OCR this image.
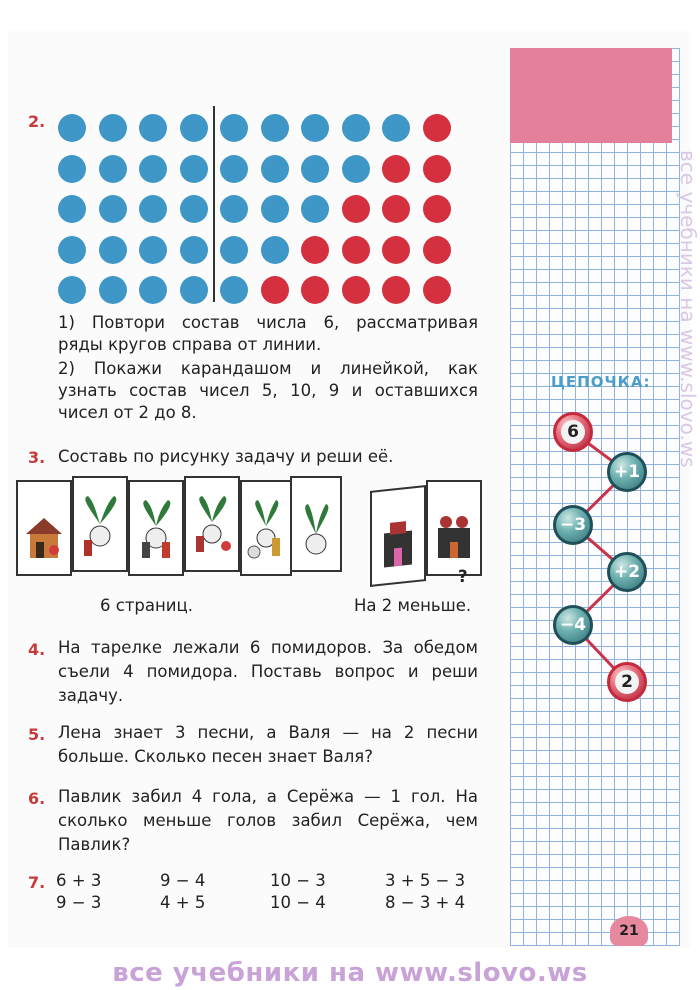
все учебники на www.slovo.ws
2.
1) Повтори состав числа 6, рассматривая
ряды кругов справа от линии.
2) Покажи карандашом и линейкой, как
узнать состав чисел 5, 10, 9 и оставшихся
чисел от 2 до 8.
3. Составь по рисунку задачу и реши её.
?
6 страниц.	На 2 меньше.
4. На тарелке лежали 6 помидоров. За обедом
съели 4 помидора. Поставь вопрос и реши
задачу.
5. Лена знает 3 песни, а Валя — на 2 песни
больше. Сколько песен знает Валя?
6. Павлик забил 4 гола, а Серёжа — 1 гол. На
сколько меньше голов забил Серёжа, чем
Павлик?
7. 6 + 3	9 − 4	10 − 3	3 + 5 − 3
9 − 3	4 + 5	10 − 4	8 − 3 + 4
ЦЕПОЧКА:
6
+1
−3
+2
−4
2
21
все учебники на www.slovo.ws
